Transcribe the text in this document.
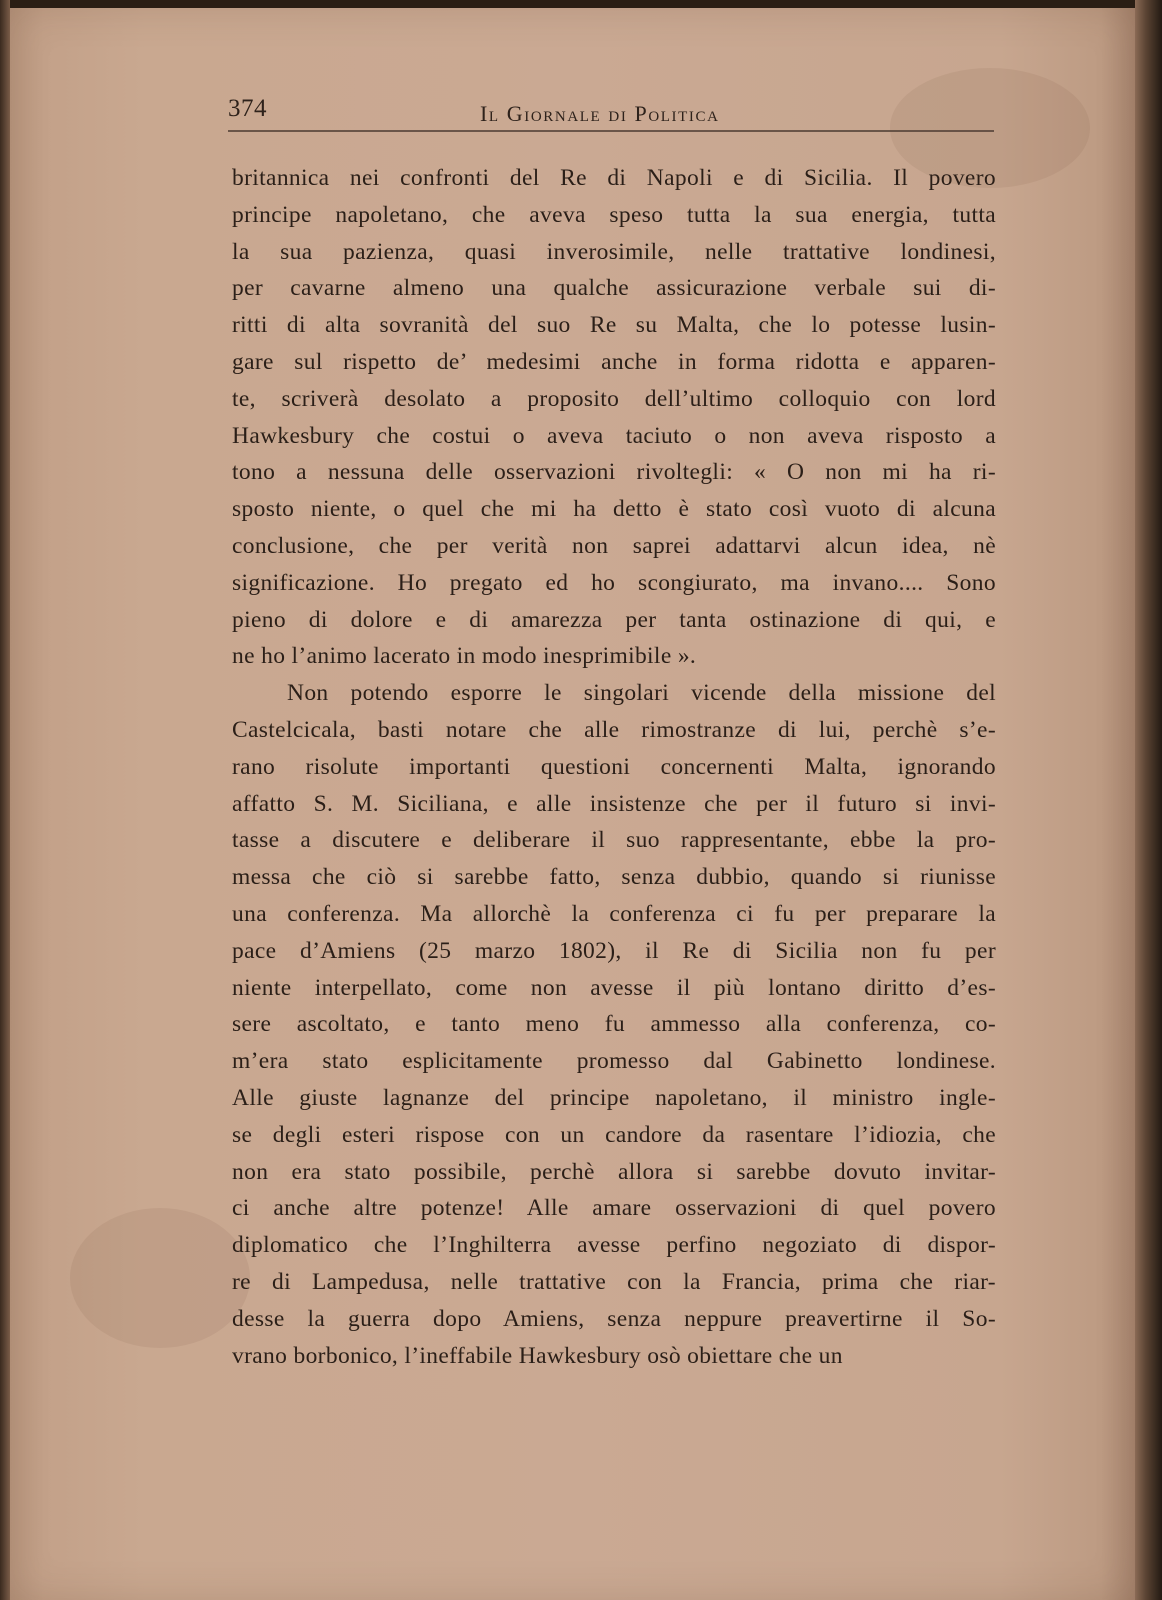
374	Il Giornale di Politica
britannica nei confronti del Re di Napoli e di Sicilia. Il povero
principe napoletano, che aveva speso tutta la sua energia, tutta
la sua pazienza, quasi inverosimile, nelle trattative londinesi,
per cavarne almeno una qualche assicurazione verbale sui di-
ritti di alta sovranità del suo Re su Malta, che lo potesse lusin-
gare sul rispetto de’ medesimi anche in forma ridotta e apparen-
te, scriverà desolato a proposito dell’ultimo colloquio con lord
Hawkesbury che costui o aveva taciuto o non aveva risposto a
tono a nessuna delle osservazioni rivoltegli: « O non mi ha ri-
sposto niente, o quel che mi ha detto è stato così vuoto di alcuna
conclusione, che per verità non saprei adattarvi alcun idea, nè
significazione. Ho pregato ed ho scongiurato, ma invano.... Sono
pieno di dolore e di amarezza per tanta ostinazione di qui, e
ne ho l’animo lacerato in modo inesprimibile ».
Non potendo esporre le singolari vicende della missione del
Castelcicala, basti notare che alle rimostranze di lui, perchè s’e-
rano risolute importanti questioni concernenti Malta, ignorando
affatto S. M. Siciliana, e alle insistenze che per il futuro si invi-
tasse a discutere e deliberare il suo rappresentante, ebbe la pro-
messa che ciò si sarebbe fatto, senza dubbio, quando si riunisse
una conferenza. Ma allorchè la conferenza ci fu per preparare la
pace d’Amiens (25 marzo 1802), il Re di Sicilia non fu per
niente interpellato, come non avesse il più lontano diritto d’es-
sere ascoltato, e tanto meno fu ammesso alla conferenza, co-
m’era stato esplicitamente promesso dal Gabinetto londinese.
Alle giuste lagnanze del principe napoletano, il ministro ingle-
se degli esteri rispose con un candore da rasentare l’idiozia, che
non era stato possibile, perchè allora si sarebbe dovuto invitar-
ci anche altre potenze! Alle amare osservazioni di quel povero
diplomatico che l’Inghilterra avesse perfino negoziato di dispor-
re di Lampedusa, nelle trattative con la Francia, prima che riar-
desse la guerra dopo Amiens, senza neppure preavertirne il So-
vrano borbonico, l’ineffabile Hawkesbury osò obiettare che un
